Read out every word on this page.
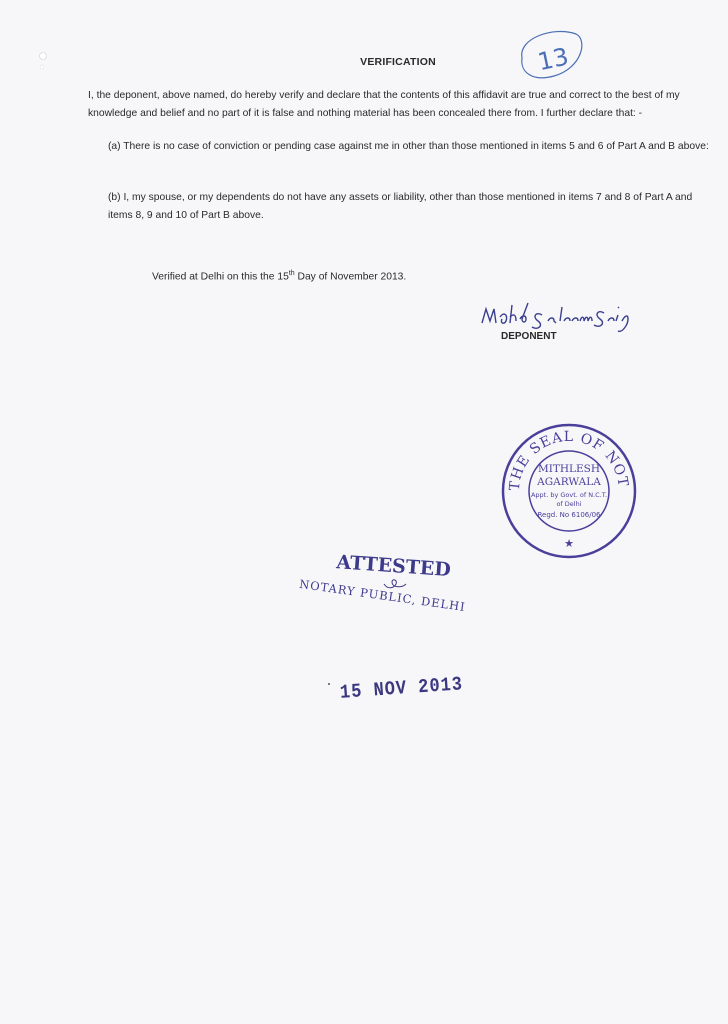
VERIFICATION	13
I, the deponent, above named, do hereby verify and declare that the contents of this affidavit are true and correct to the best of my knowledge and belief and no part of it is false and nothing material has been concealed there from. I further declare that: -
(a) There is no case of conviction or pending case against me in other than those mentioned in items 5 and 6 of Part A and B above:
(b) I, my spouse, or my dependents do not have any assets or liability, other than those mentioned in items 7 and 8 of Part A and items 8, 9 and 10 of Part B above.
Verified at Delhi on this the 15th Day of November 2013.
DEPONENT
THE SEAL OF NOT
MITHLESH
AGARWALA
Appt. by Govt. of N.C.T.
of Delhi
Regd. No 6106/06
★
ATTESTED
NOTARY PUBLIC, DELHI
15 NOV 2013
